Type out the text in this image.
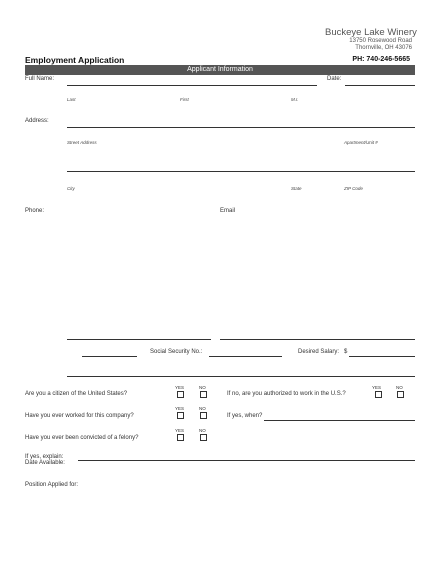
Buckeye Lake Winery
13750 Rosewood Road
Thornville, OH 43076
Employment Application	PH: 740-246-5665
Applicant Information
Full Name:	Date:
Last	First	M.I.
Address:
Street Address	Apartment/Unit #
City	State	ZIP Code
Phone:	Email
Social Security No.:	Desired Salary: $
YES	NO
Are you a citizen of the United States?
YES	NO
If no, are you authorized to work in the U.S.?
YES	NO
Have you ever worked for this company?	If yes, when?
YES	NO
Have you ever been convicted of a felony?
If yes, explain:
Date Available:
Position Applied for:
